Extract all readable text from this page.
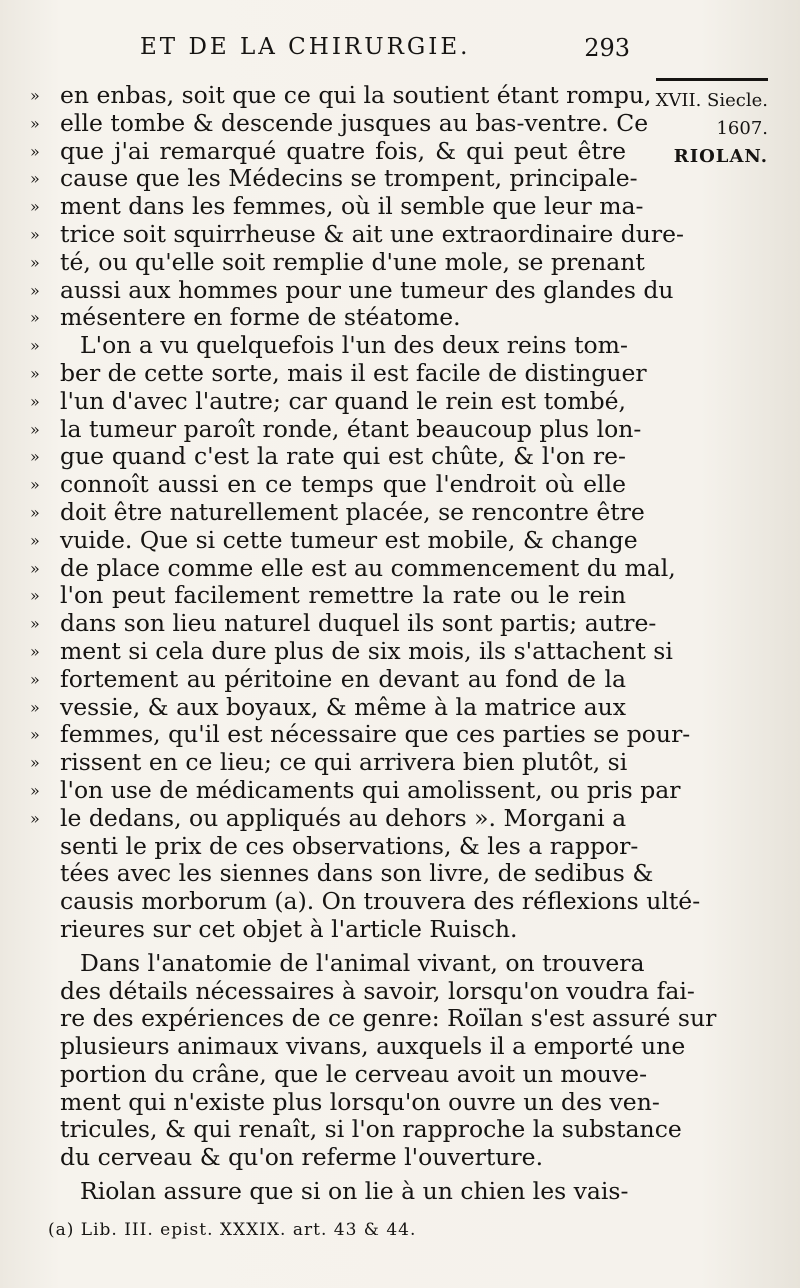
ET DE LA CHIRURGIE.	293
XVII. Siecle.
1607.
RIOLAN.
» en enbas, soit que ce qui la soutient étant rompu,
» elle tombe & descende jusques au bas-ventre. Ce
» que j'ai remarqué quatre fois, & qui peut être
» cause que les Médecins se trompent, principale-
» ment dans les femmes, où il semble que leur ma-
» trice soit squirrheuse & ait une extraordinaire dure-
» té, ou qu'elle soit remplie d'une mole, se prenant
» aussi aux hommes pour une tumeur des glandes du
» mésentere en forme de stéatome.
»	L'on a vu quelquefois l'un des deux reins tom-
» ber de cette sorte, mais il est facile de distinguer
» l'un d'avec l'autre; car quand le rein est tombé,
» la tumeur paroît ronde, étant beaucoup plus lon-
» gue quand c'est la rate qui est chûte, & l'on re-
» connoît aussi en ce temps que l'endroit où elle
» doit être naturellement placée, se rencontre être
» vuide. Que si cette tumeur est mobile, & change
» de place comme elle est au commencement du mal,
» l'on peut facilement remettre la rate ou le rein
» dans son lieu naturel duquel ils sont partis; autre-
» ment si cela dure plus de six mois, ils s'attachent si
» fortement au péritoine en devant au fond de la
» vessie, & aux boyaux, & même à la matrice aux
» femmes, qu'il est nécessaire que ces parties se pour-
» rissent en ce lieu; ce qui arrivera bien plutôt, si
» l'on use de médicaments qui amolissent, ou pris par
» le dedans, ou appliqués au dehors ». Morgani a
senti le prix de ces observations, & les a rappor-
tées avec les siennes dans son livre, de sedibus &
causis morborum (a). On trouvera des réflexions ulté-
rieures sur cet objet à l'article Ruisch.
Dans l'anatomie de l'animal vivant, on trouvera
des détails nécessaires à savoir, lorsqu'on voudra fai-
re des expériences de ce genre: Roïlan s'est assuré sur
plusieurs animaux vivans, auxquels il a emporté une
portion du crâne, que le cerveau avoit un mouve-
ment qui n'existe plus lorsqu'on ouvre un des ven-
tricules, & qui renaît, si l'on rapproche la substance
du cerveau & qu'on referme l'ouverture.
Riolan assure que si on lie à un chien les vais-
(a) Lib. III. epist. XXXIX. art. 43 & 44.
